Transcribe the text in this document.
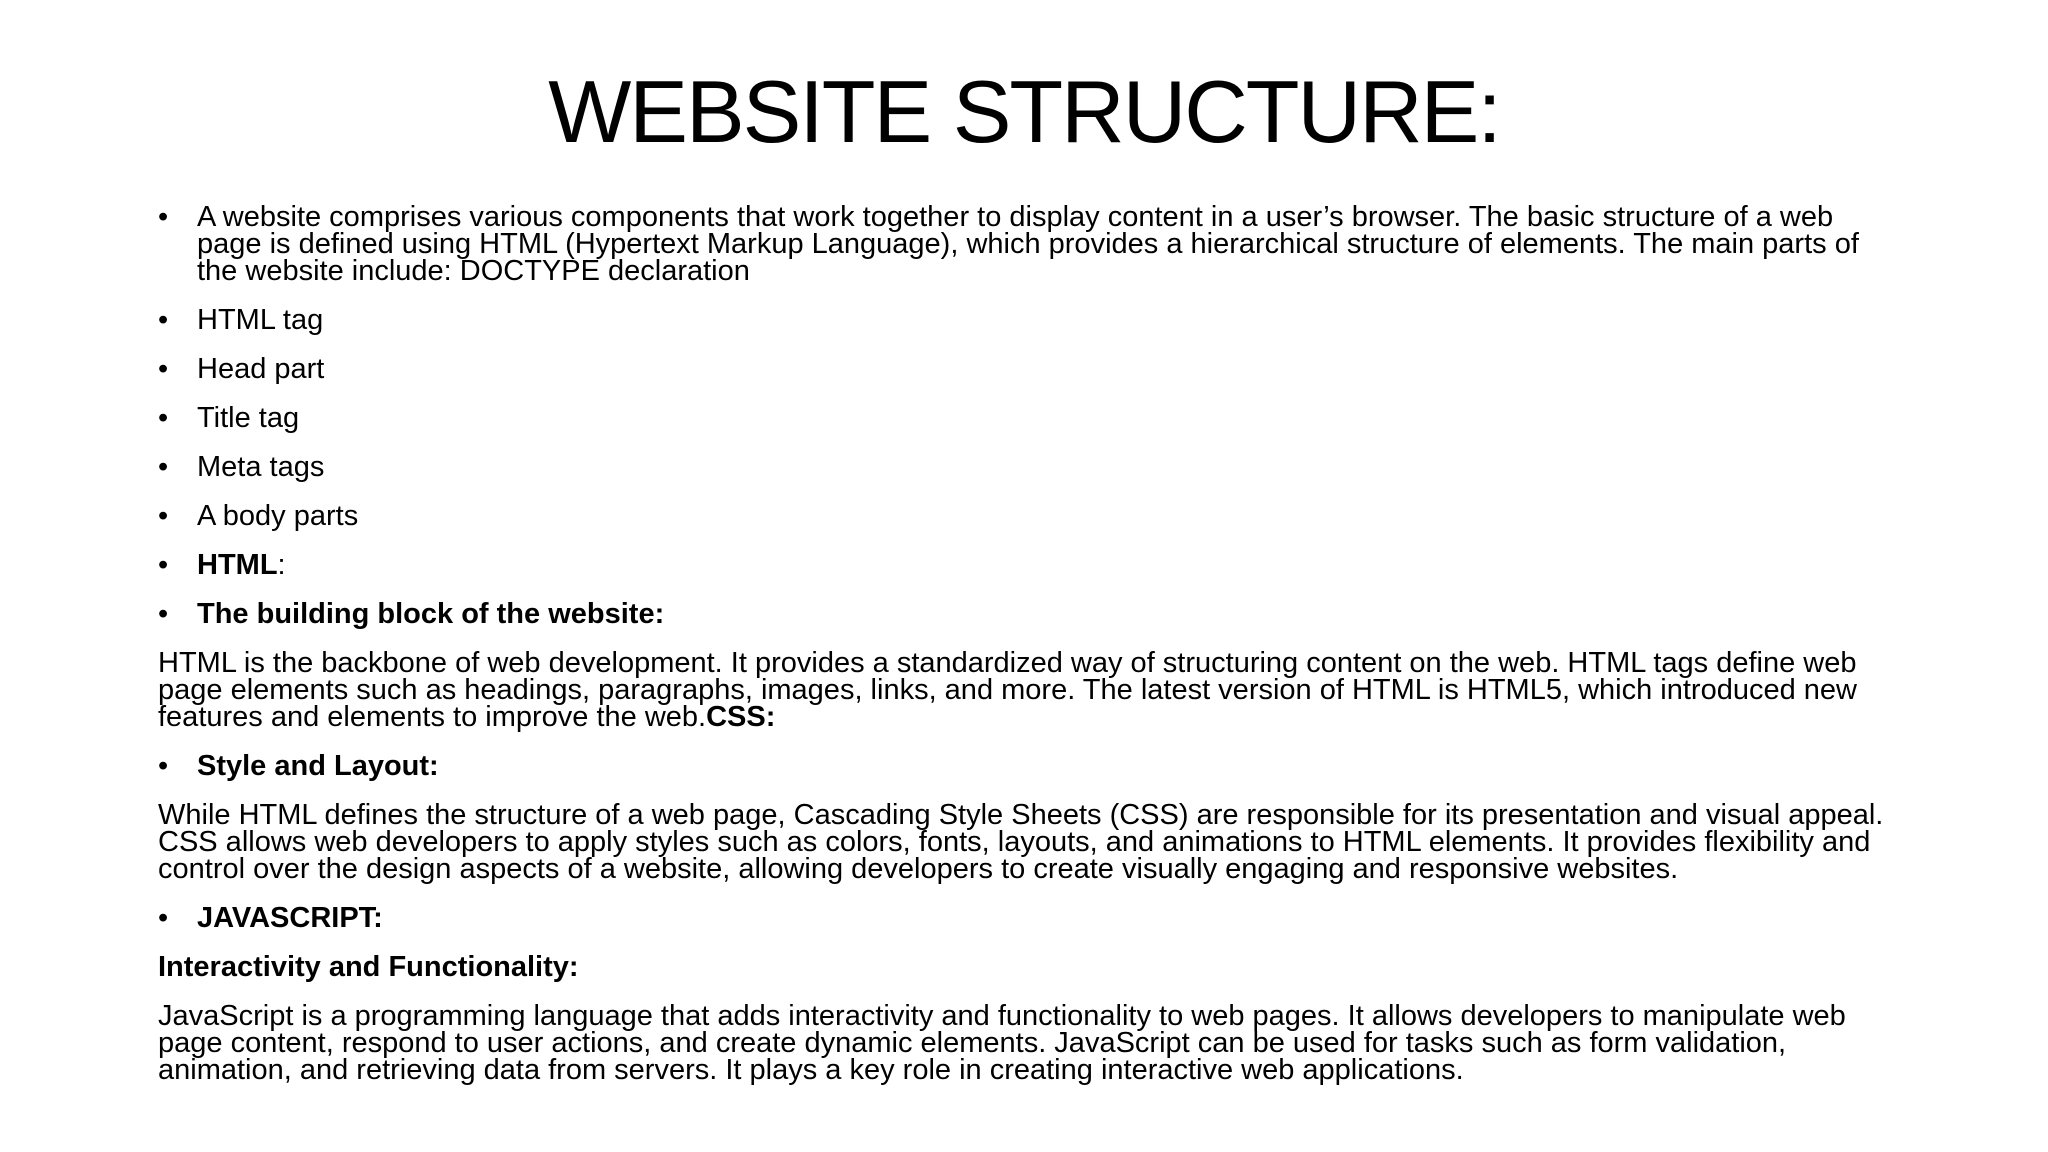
WEBSITE STRUCTURE:
• A website comprises various components that work together to display content in a user’s browser. The basic structure of a web page is defined using HTML (Hypertext Markup Language), which provides a hierarchical structure of elements. The main parts of the website include: DOCTYPE declaration
• HTML tag
• Head part
• Title tag
• Meta tags
• A body parts
• HTML:
• The building block of the website:
HTML is the backbone of web development. It provides a standardized way of structuring content on the web. HTML tags define web page elements such as headings, paragraphs, images, links, and more. The latest version of HTML is HTML5, which introduced new features and elements to improve the web.CSS:
• Style and Layout:
While HTML defines the structure of a web page, Cascading Style Sheets (CSS) are responsible for its presentation and visual appeal. CSS allows web developers to apply styles such as colors, fonts, layouts, and animations to HTML elements. It provides flexibility and control over the design aspects of a website, allowing developers to create visually engaging and responsive websites.
• JAVASCRIPT:
Interactivity and Functionality:
JavaScript is a programming language that adds interactivity and functionality to web pages. It allows developers to manipulate web page content, respond to user actions, and create dynamic elements. JavaScript can be used for tasks such as form validation, animation, and retrieving data from servers. It plays a key role in creating interactive web applications.
